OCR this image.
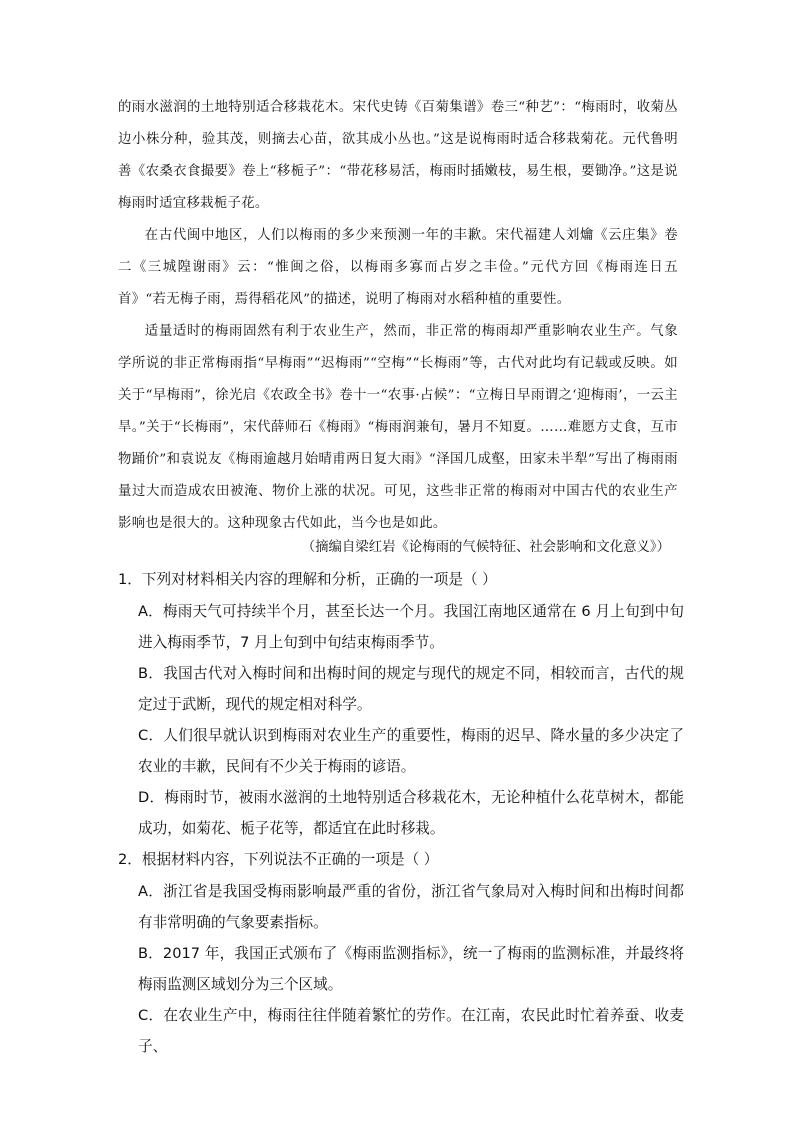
的雨水滋润的土地特别适合移栽花木。宋代史铸《百菊集谱》卷三“种艺”：“梅雨时，收菊丛边小株分种，验其茂，则摘去心苗，欲其成小丛也。”这是说梅雨时适合移栽菊花。元代鲁明善《农桑衣食撮要》卷上“移栀子”：“带花移易活，梅雨时插嫩枝，易生根，要锄净。”这是说梅雨时适宜移栽栀子花。

在古代闽中地区，人们以梅雨的多少来预测一年的丰歉。宋代福建人刘爚《云庄集》卷二《三城隍谢雨》云：“惟闽之俗，以梅雨多寡而占岁之丰俭。”元代方回《梅雨连日五首》“若无梅子雨，焉得稻花风”的描述，说明了梅雨对水稻种植的重要性。

适量适时的梅雨固然有利于农业生产，然而，非正常的梅雨却严重影响农业生产。气象学所说的非正常梅雨指“早梅雨”“迟梅雨”“空梅”“长梅雨”等，古代对此均有记载或反映。如关于“早梅雨”，徐光启《农政全书》卷十一“农事·占候”：“立梅日早雨谓之‘迎梅雨’，一云主旱。”关于“长梅雨”，宋代薛师石《梅雨》“梅雨润兼旬，暑月不知夏。……难愿方丈食，互市物踊价”和袁说友《梅雨逾越月始晴甫两日复大雨》“泽国几成壑，田家未半犁”写出了梅雨雨量过大而造成农田被淹、物价上涨的状况。可见，这些非正常的梅雨对中国古代的农业生产影响也是很大的。这种现象古代如此，当今也是如此。

（摘编自梁红岩《论梅雨的气候特征、社会影响和文化意义》）

1．下列对材料相关内容的理解和分析，正确的一项是（ ）

A．梅雨天气可持续半个月，甚至长达一个月。我国江南地区通常在 6 月上旬到中旬进入梅雨季节，7 月上旬到中旬结束梅雨季节。

B．我国古代对入梅时间和出梅时间的规定与现代的规定不同，相较而言，古代的规定过于武断，现代的规定相对科学。

C．人们很早就认识到梅雨对农业生产的重要性，梅雨的迟早、降水量的多少决定了农业的丰歉，民间有不少关于梅雨的谚语。

D．梅雨时节，被雨水滋润的土地特别适合移栽花木，无论种植什么花草树木，都能成功，如菊花、栀子花等，都适宜在此时移栽。

2．根据材料内容，下列说法不正确的一项是（ ）

A．浙江省是我国受梅雨影响最严重的省份，浙江省气象局对入梅时间和出梅时间都有非常明确的气象要素指标。

B．2017 年，我国正式颁布了《梅雨监测指标》，统一了梅雨的监测标准，并最终将梅雨监测区域划分为三个区域。

C．在农业生产中，梅雨往往伴随着繁忙的劳作。在江南，农民此时忙着养蚕、收麦子、
